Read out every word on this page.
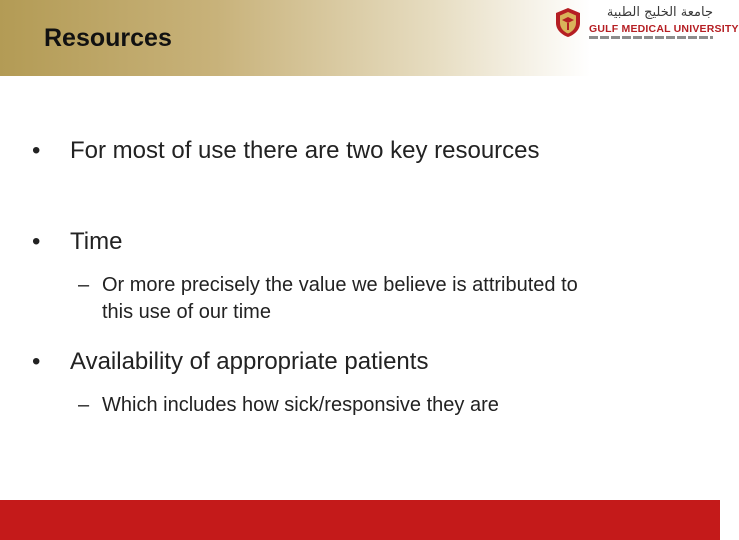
Resources
جامعة الخليج الطبية
GULF MEDICAL UNIVERSITY
• For most of use there are two key resources
• Time
– Or more precisely the value we believe is attributed to this use of our time
• Availability of appropriate patients
– Which includes how sick/responsive they are
